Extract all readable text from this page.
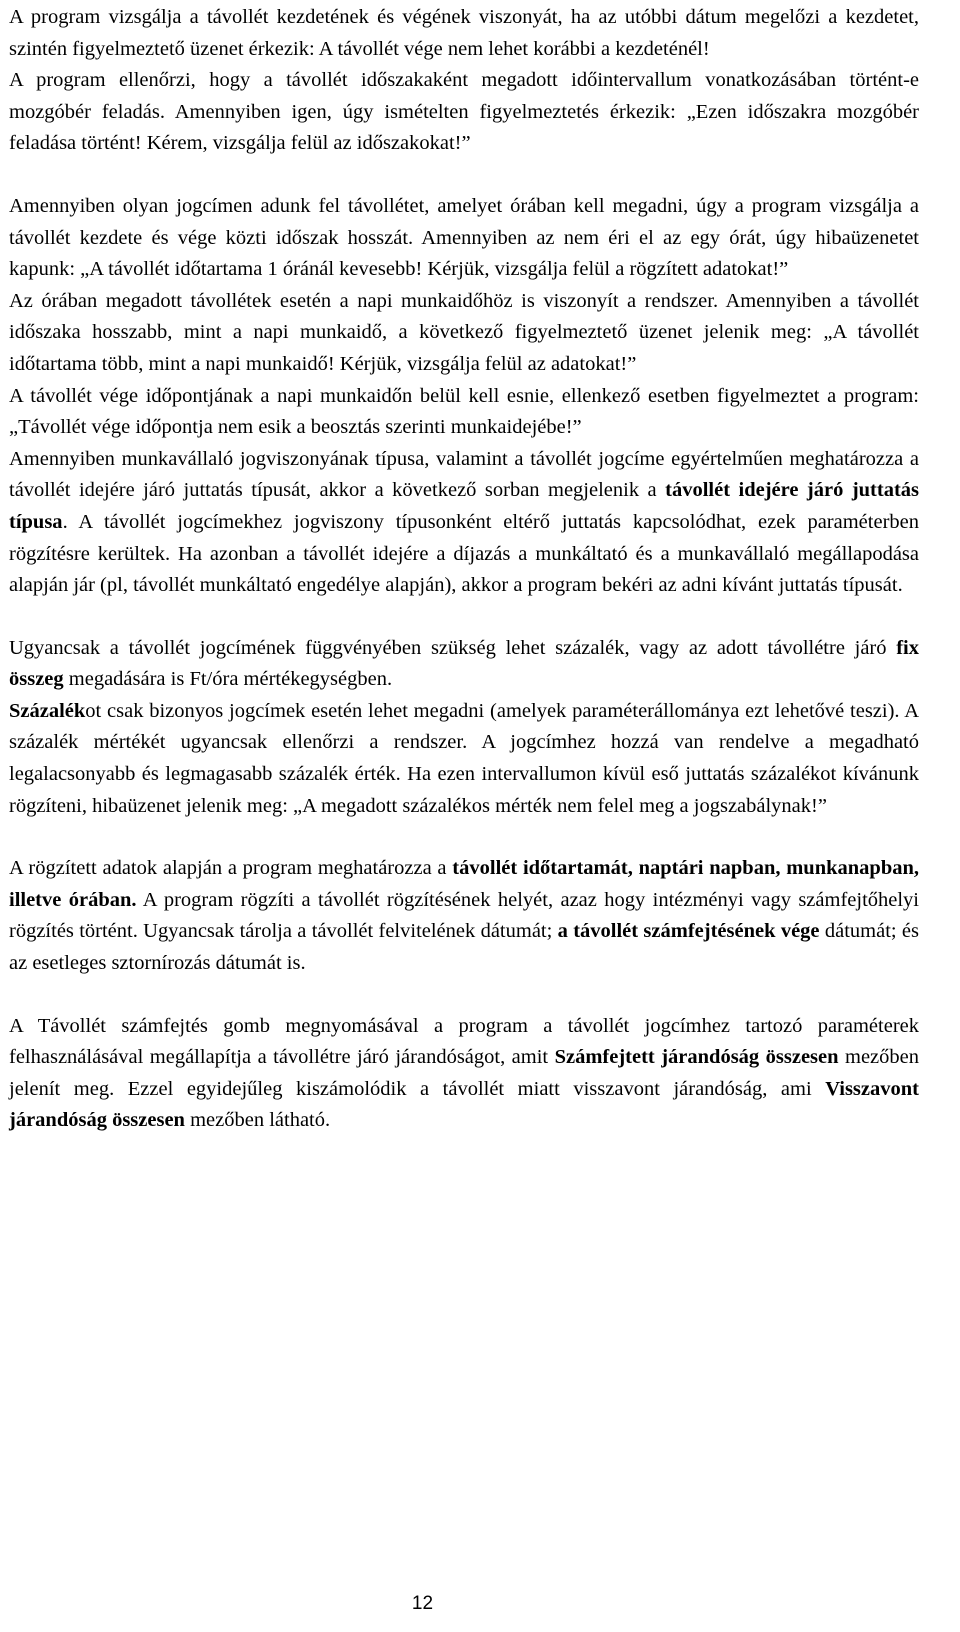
A program vizsgálja a távollét kezdetének és végének viszonyát, ha az utóbbi dátum megelőzi a kezdetet, szintén figyelmeztető üzenet érkezik: A távollét vége nem lehet korábbi a kezdeténél!

A program ellenőrzi, hogy a távollét időszakaként megadott időintervallum vonatkozásában történt-e mozgóbér feladás. Amennyiben igen, úgy ismételten figyelmeztetés érkezik: „Ezen időszakra mozgóbér feladása történt! Kérem, vizsgálja felül az időszakokat!”

Amennyiben olyan jogcímen adunk fel távollétet, amelyet órában kell megadni, úgy a program vizsgálja a távollét kezdete és vége közti időszak hosszát. Amennyiben az nem éri el az egy órát, úgy hibaüzenetet kapunk: „A távollét időtartama 1 óránál kevesebb! Kérjük, vizsgálja felül a rögzített adatokat!”

Az órában megadott távollétek esetén a napi munkaidőhöz is viszonyít a rendszer. Amennyiben a távollét időszaka hosszabb, mint a napi munkaidő, a következő figyelmeztető üzenet jelenik meg: „A távollét időtartama több, mint a napi munkaidő! Kérjük, vizsgálja felül az adatokat!”

A távollét vége időpontjának a napi munkaidőn belül kell esnie, ellenkező esetben figyelmeztet a program: „Távollét vége időpontja nem esik a beosztás szerinti munkaidejébe!”

Amennyiben munkavállaló jogviszonyának típusa, valamint a távollét jogcíme egyértelműen meghatározza a távollét idejére járó juttatás típusát, akkor a következő sorban megjelenik a távollét idejére járó juttatás típusa. A távollét jogcímekhez jogviszony típusonként eltérő juttatás kapcsolódhat, ezek paraméterben rögzítésre kerültek. Ha azonban a távollét idejére a díjazás a munkáltató és a munkavállaló megállapodása alapján jár (pl, távollét munkáltató engedélye alapján), akkor a program bekéri az adni kívánt juttatás típusát.

Ugyancsak a távollét jogcímének függvényében szükség lehet százalék, vagy az adott távollétre járó fix összeg megadására is Ft/óra mértékegységben.

Százalékot csak bizonyos jogcímek esetén lehet megadni (amelyek paraméterállománya ezt lehetővé teszi). A százalék mértékét ugyancsak ellenőrzi a rendszer. A jogcímhez hozzá van rendelve a megadható legalacsonyabb és legmagasabb százalék érték. Ha ezen intervallumon kívül eső juttatás százalékot kívánunk rögzíteni, hibaüzenet jelenik meg: „A megadott százalékos mérték nem felel meg a jogszabálynak!”

A rögzített adatok alapján a program meghatározza a távollét időtartamát, naptári napban, munkanapban, illetve órában. A program rögzíti a távollét rögzítésének helyét, azaz hogy intézményi vagy számfejtőhelyi rögzítés történt. Ugyancsak tárolja a távollét felvitelének dátumát; a távollét számfejtésének vége dátumát; és az esetleges sztornírozás dátumát is.

A Távollét számfejtés gomb megnyomásával a program a távollét jogcímhez tartozó paraméterek felhasználásával megállapítja a távollétre járó járandóságot, amit Számfejtett járandóság összesen mezőben jelenít meg. Ezzel egyidejűleg kiszámolódik a távollét miatt visszavont járandóság, ami Visszavont járandóság összesen mezőben látható.

12
